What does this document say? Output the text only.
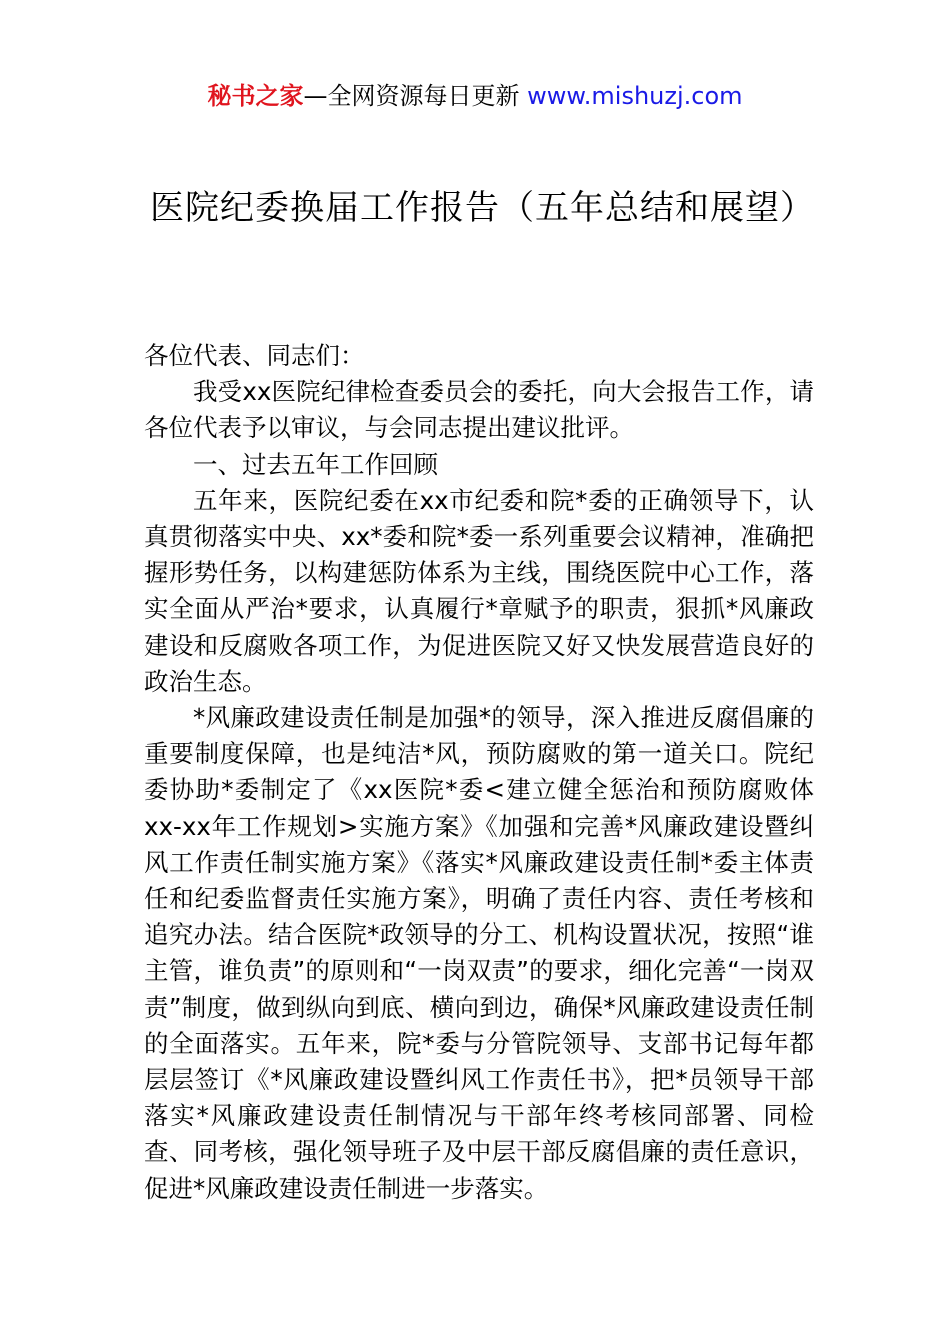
秘书之家—全网资源每日更新 www.mishuzj.com
医院纪委换届工作报告（五年总结和展望）

各位代表、同志们：

我受xx医院纪律检查委员会的委托，向大会报告工作，请各位代表予以审议，与会同志提出建议批评。

一、过去五年工作回顾

五年来，医院纪委在xx市纪委和院*委的正确领导下，认真贯彻落实中央、xx*委和院*委一系列重要会议精神，准确把握形势任务，以构建惩防体系为主线，围绕医院中心工作，落实全面从严治*要求，认真履行*章赋予的职责，狠抓*风廉政建设和反腐败各项工作，为促进医院又好又快发展营造良好的政治生态。

*风廉政建设责任制是加强*的领导，深入推进反腐倡廉的重要制度保障，也是纯洁*风，预防腐败的第一道关口。院纪委协助*委制定了《xx医院*委<建立健全惩治和预防腐败体xx-xx年工作规划>实施方案》《加强和完善*风廉政建设暨纠风工作责任制实施方案》《落实*风廉政建设责任制*委主体责任和纪委监督责任实施方案》，明确了责任内容、责任考核和追究办法。结合医院*政领导的分工、机构设置状况，按照“谁主管，谁负责”的原则和“一岗双责”的要求，细化完善“一岗双责”制度，做到纵向到底、横向到边，确保*风廉政建设责任制的全面落实。五年来，院*委与分管院领导、支部书记每年都层层签订《*风廉政建设暨纠风工作责任书》，把*员领导干部落实*风廉政建设责任制情况与干部年终考核同部署、同检查、同考核，强化领导班子及中层干部反腐倡廉的责任意识，促进*风廉政建设责任制进一步落实。
